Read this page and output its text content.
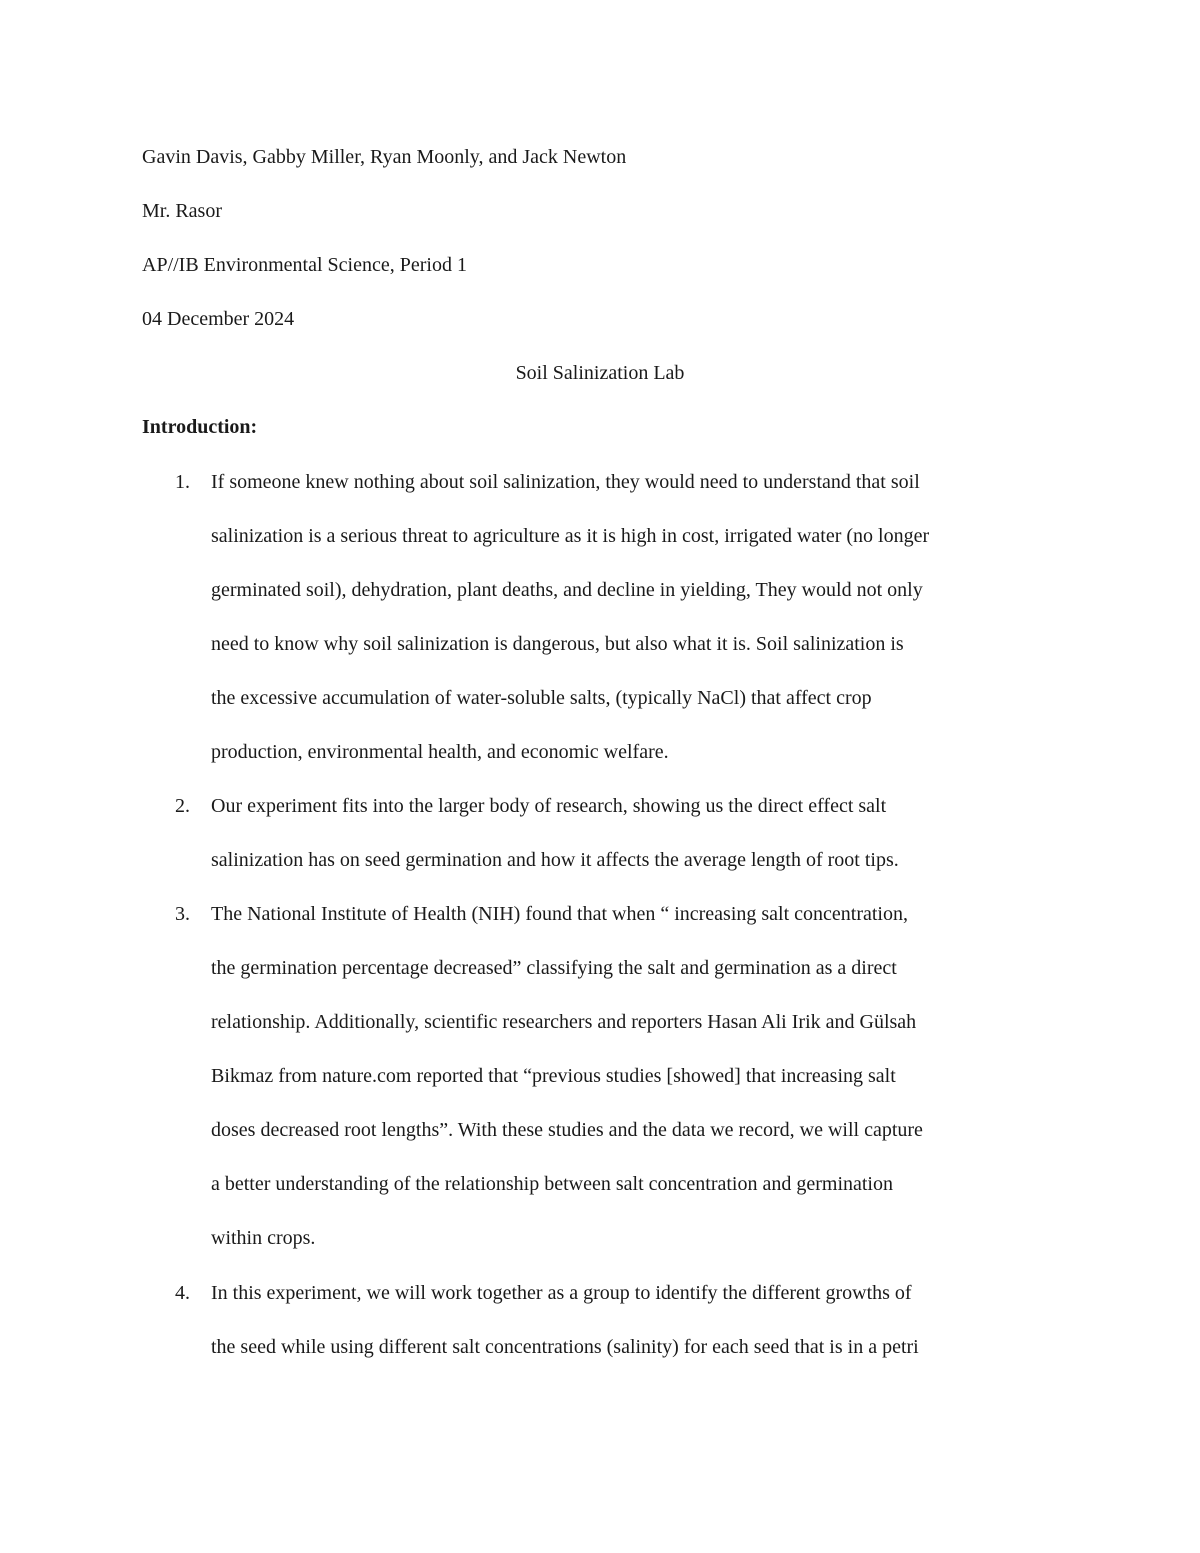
Gavin Davis, Gabby Miller, Ryan Moonly, and Jack Newton
Mr. Rasor
AP//IB Environmental Science, Period 1
04 December 2024
Soil Salinization Lab
Introduction:
1. If someone knew nothing about soil salinization, they would need to understand that soil
salinization is a serious threat to agriculture as it is high in cost, irrigated water (no longer
germinated soil), dehydration, plant deaths, and decline in yielding, They would not only
need to know why soil salinization is dangerous, but also what it is. Soil salinization is
the excessive accumulation of water-soluble salts, (typically NaCl) that affect crop
production, environmental health, and economic welfare.
2. Our experiment fits into the larger body of research, showing us the direct effect salt
salinization has on seed germination and how it affects the average length of root tips.
3. The National Institute of Health (NIH) found that when “ increasing salt concentration,
the germination percentage decreased” classifying the salt and germination as a direct
relationship. Additionally, scientific researchers and reporters Hasan Ali Irik and Gülsah
Bikmaz from nature.com reported that “previous studies [showed] that increasing salt
doses decreased root lengths”. With these studies and the data we record, we will capture
a better understanding of the relationship between salt concentration and germination
within crops.
4. In this experiment, we will work together as a group to identify the different growths of
the seed while using different salt concentrations (salinity) for each seed that is in a petri
